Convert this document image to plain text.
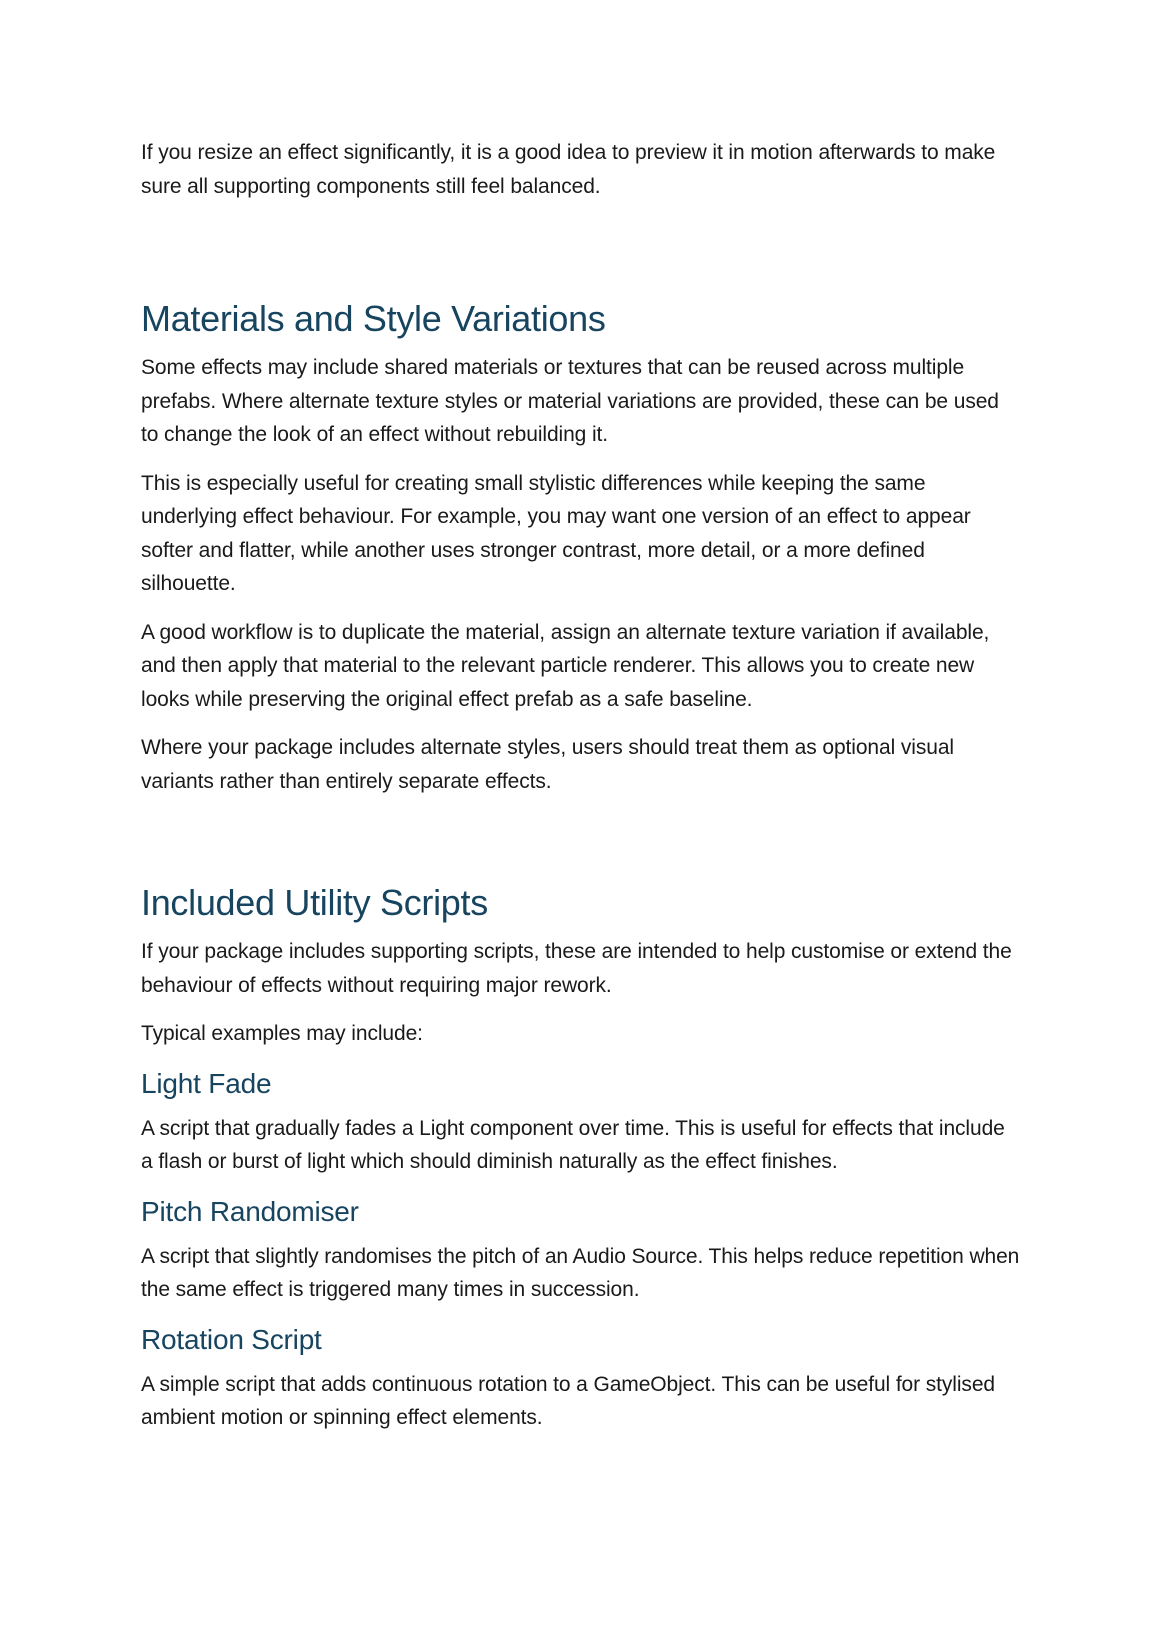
If you resize an effect significantly, it is a good idea to preview it in motion afterwards to make sure all supporting components still feel balanced.

Materials and Style Variations

Some effects may include shared materials or textures that can be reused across multiple prefabs. Where alternate texture styles or material variations are provided, these can be used to change the look of an effect without rebuilding it.

This is especially useful for creating small stylistic differences while keeping the same underlying effect behaviour. For example, you may want one version of an effect to appear softer and flatter, while another uses stronger contrast, more detail, or a more defined silhouette.

A good workflow is to duplicate the material, assign an alternate texture variation if available, and then apply that material to the relevant particle renderer. This allows you to create new looks while preserving the original effect prefab as a safe baseline.

Where your package includes alternate styles, users should treat them as optional visual variants rather than entirely separate effects.

Included Utility Scripts

If your package includes supporting scripts, these are intended to help customise or extend the behaviour of effects without requiring major rework.

Typical examples may include:

Light Fade

A script that gradually fades a Light component over time. This is useful for effects that include a flash or burst of light which should diminish naturally as the effect finishes.

Pitch Randomiser

A script that slightly randomises the pitch of an Audio Source. This helps reduce repetition when the same effect is triggered many times in succession.

Rotation Script

A simple script that adds continuous rotation to a GameObject. This can be useful for stylised ambient motion or spinning effect elements.
